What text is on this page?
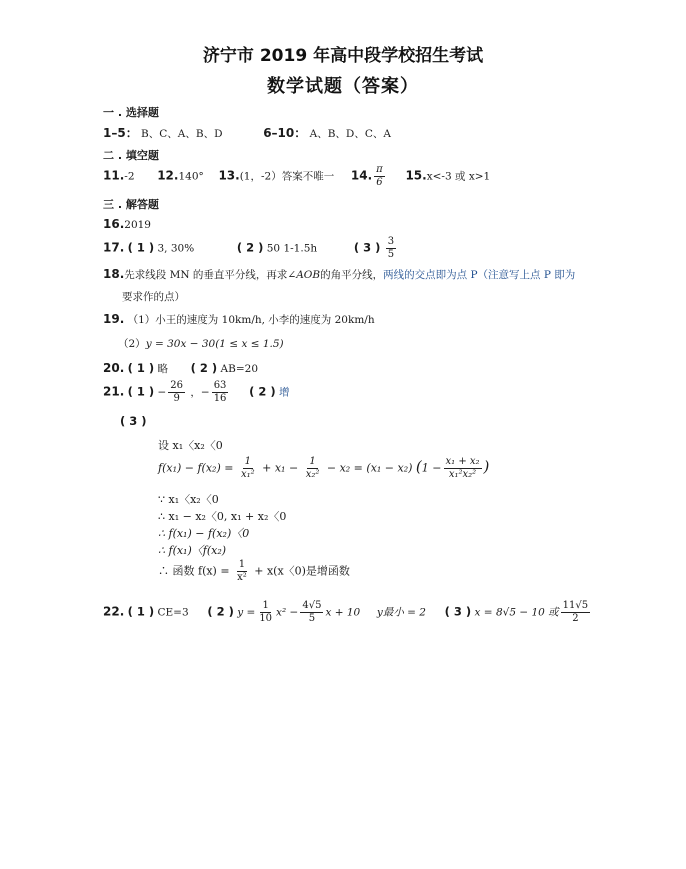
济宁市 2019 年高中段学校招生考试
数学试题（答案）
一 . 选择题
1–5： B、C、A、B、D	6–10： A、B、D、C、A
二 . 填空题
11.-2 12.140° 13.(1，-2）答案不唯一 14. $\frac{\pi}{6} 15.x<-3$ 或 x>1
三 . 解答题
16.2019
17. ( 1 ) 3, 30%	( 2 ) 50 1-1.5h	( 3 ) $\frac{3}{5}$
18.先求线段 MN 的垂直平分线，再求∠AOB的角平分线，两线的交点即为点 P（注意写上点 P 即为
要求作的点）
19. （1）小王的速度为 10km/h, 小李的速度为 20km/h
（2）y = 30x − 30(1 ≤ x ≤ 1.5)
20. ( 1 ) 略 ( 2 ) AB=20
21. ( 1 ) − $\frac{26}{9}$ ，− $\frac{63}{16}$ ( 2 ) 增
( 3 )
设 x₁〈x₂〈0
$f(x_1) - f(x_2) = \frac{1}{\text{x₁²}} + x_1 - \frac{1}{\text{x₂²}} - x_2 = (x_1 - x_2) (1 - \frac{\text{x₁ + x₂}}{\text{x₁²x₂²}}$ )
∵ x₁〈x₂〈0
∴ x₁ − x₂〈0, x₁ + x₂〈0
∴ f(x₁) − f(x₂)〈0
∴ f(x₁)〈f(x₂)
∴ 函数 $f(x) = \frac{1}{\text{x²}} + x(x$〈0)是增函数
22. ( 1 ) CE=3 ( 2 ) $y = \frac{1}{10} x^2 - \frac{4√5}{5}$ x + 10 y最小 = 2 ( 3 ) x = 8√5 − 10 或 $\frac{11√5}{2}$
